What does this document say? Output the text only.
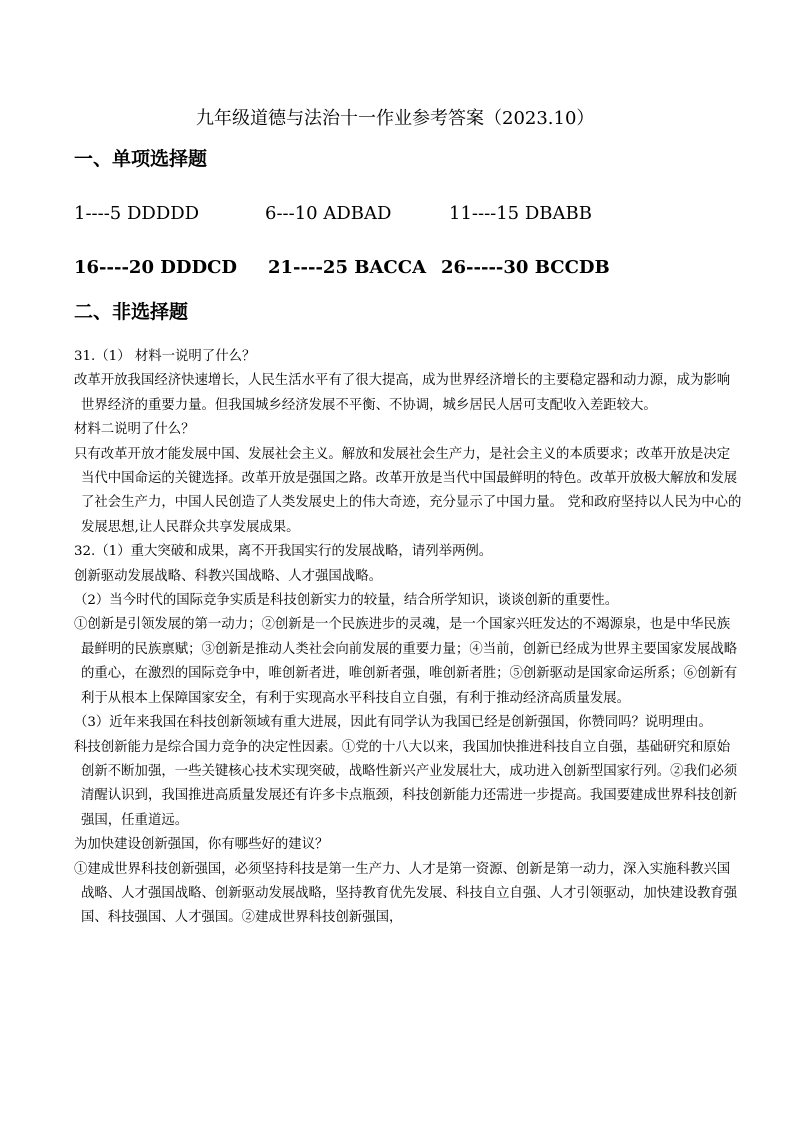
九年级道德与法治十一作业参考答案（2023.10）
一、单项选择题
1----5 DDDDD	6---10 ADBAD	11----15 DBABB
16----20 DDDCD 21----25 BACCA 26-----30 BCCDB
二、非选择题

31.（1） 材料一说明了什么？

改革开放我国经济快速增长，人民生活水平有了很大提高，成为世界经济增长的主要稳定器和动力源，成为影响世界经济的重要力量。但我国城乡经济发展不平衡、不协调，城乡居民人居可支配收入差距较大。

材料二说明了什么？

只有改革开放才能发展中国、发展社会主义。解放和发展社会生产力，是社会主义的本质要求；改革开放是决定当代中国命运的关键选择。改革开放是强国之路。改革开放是当代中国最鲜明的特色。改革开放极大解放和发展了社会生产力，中国人民创造了人类发展史上的伟大奇迹，充分显示了中国力量。 党和政府坚持以人民为中心的发展思想,让人民群众共享发展成果。

32.（1）重大突破和成果，离不开我国实行的发展战略，请列举两例。

创新驱动发展战略、科教兴国战略、人才强国战略。

（2）当今时代的国际竞争实质是科技创新实力的较量，结合所学知识，谈谈创新的重要性。

①创新是引领发展的第一动力；②创新是一个民族进步的灵魂，是一个国家兴旺发达的不竭源泉，也是中华民族最鲜明的民族禀赋；③创新是推动人类社会向前发展的重要力量；④当前，创新已经成为世界主要国家发展战略的重心，在激烈的国际竞争中，唯创新者进，唯创新者强，唯创新者胜；⑤创新驱动是国家命运所系；⑥创新有利于从根本上保障国家安全，有利于实现高水平科技自立自强，有利于推动经济高质量发展。

（3）近年来我国在科技创新领域有重大进展，因此有同学认为我国已经是创新强国，你赞同吗？说明理由。

科技创新能力是综合国力竞争的决定性因素。①党的十八大以来，我国加快推进科技自立自强，基础研究和原始创新不断加强，一些关键核心技术实现突破，战略性新兴产业发展壮大，成功进入创新型国家行列。②我们必须清醒认识到，我国推进高质量发展还有许多卡点瓶颈，科技创新能力还需进一步提高。我国要建成世界科技创新强国，任重道远。

为加快建设创新强国，你有哪些好的建议？

①建成世界科技创新强国，必须坚持科技是第一生产力、人才是第一资源、创新是第一动力，深入实施科教兴国战略、人才强国战略、创新驱动发展战略，坚持教育优先发展、科技自立自强、人才引领驱动，加快建设教育强国、科技强国、人才强国。②建成世界科技创新强国，
